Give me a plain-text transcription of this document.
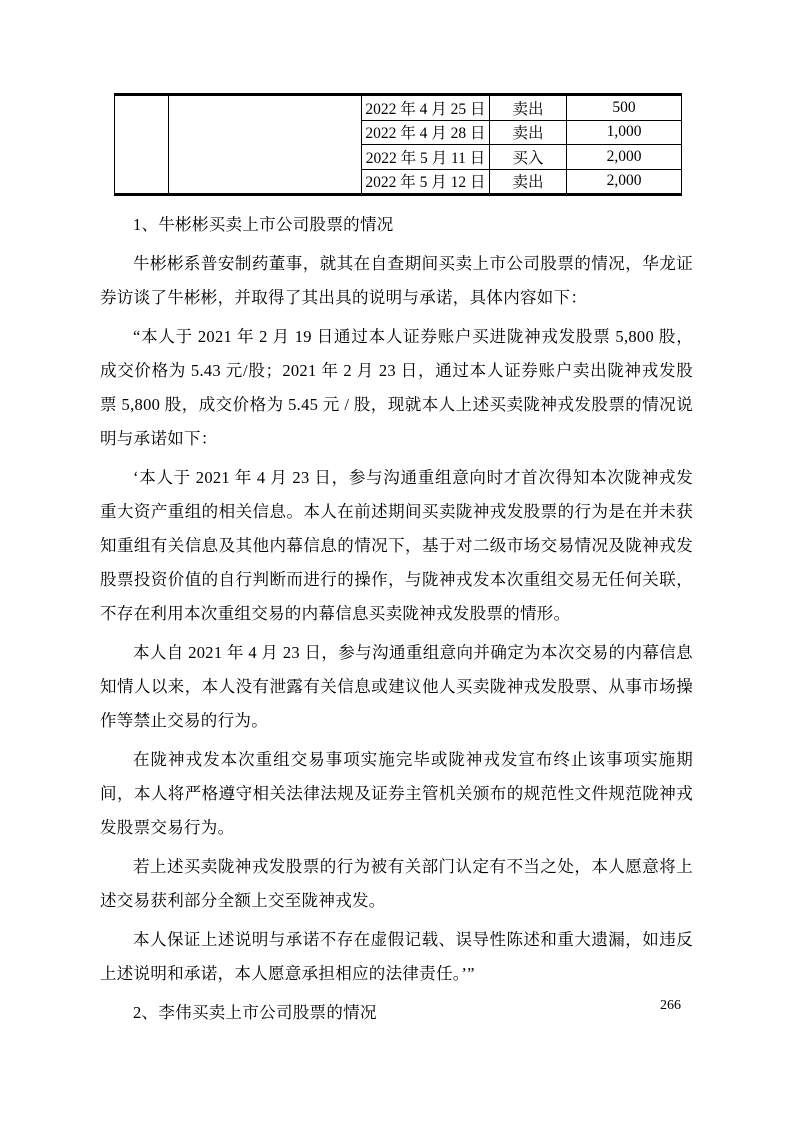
		2022 年 4 月 25 日	卖出	500
		2022 年 4 月 28 日	卖出	1,000
		2022 年 5 月 11 日	买入	2,000
		2022 年 5 月 12 日	卖出	2,000

1、牛彬彬买卖上市公司股票的情况

牛彬彬系普安制药董事，就其在自查期间买卖上市公司股票的情况，华龙证券访谈了牛彬彬，并取得了其出具的说明与承诺，具体内容如下：

“本人于 2021 年 2 月 19 日通过本人证券账户买进陇神戎发股票 5,800 股，成交价格为 5.43 元/股；2021 年 2 月 23 日，通过本人证券账户卖出陇神戎发股票 5,800 股，成交价格为 5.45 元 / 股，现就本人上述买卖陇神戎发股票的情况说明与承诺如下：

‘本人于 2021 年 4 月 23 日，参与沟通重组意向时才首次得知本次陇神戎发重大资产重组的相关信息。本人在前述期间买卖陇神戎发股票的行为是在并未获知重组有关信息及其他内幕信息的情况下，基于对二级市场交易情况及陇神戎发股票投资价值的自行判断而进行的操作，与陇神戎发本次重组交易无任何关联，不存在利用本次重组交易的内幕信息买卖陇神戎发股票的情形。

本人自 2021 年 4 月 23 日，参与沟通重组意向并确定为本次交易的内幕信息知情人以来，本人没有泄露有关信息或建议他人买卖陇神戎发股票、从事市场操作等禁止交易的行为。

在陇神戎发本次重组交易事项实施完毕或陇神戎发宣布终止该事项实施期间，本人将严格遵守相关法律法规及证券主管机关颁布的规范性文件规范陇神戎发股票交易行为。

若上述买卖陇神戎发股票的行为被有关部门认定有不当之处，本人愿意将上述交易获利部分全额上交至陇神戎发。

本人保证上述说明与承诺不存在虚假记载、误导性陈述和重大遗漏，如违反上述说明和承诺，本人愿意承担相应的法律责任。’”

2、李伟买卖上市公司股票的情况	266
